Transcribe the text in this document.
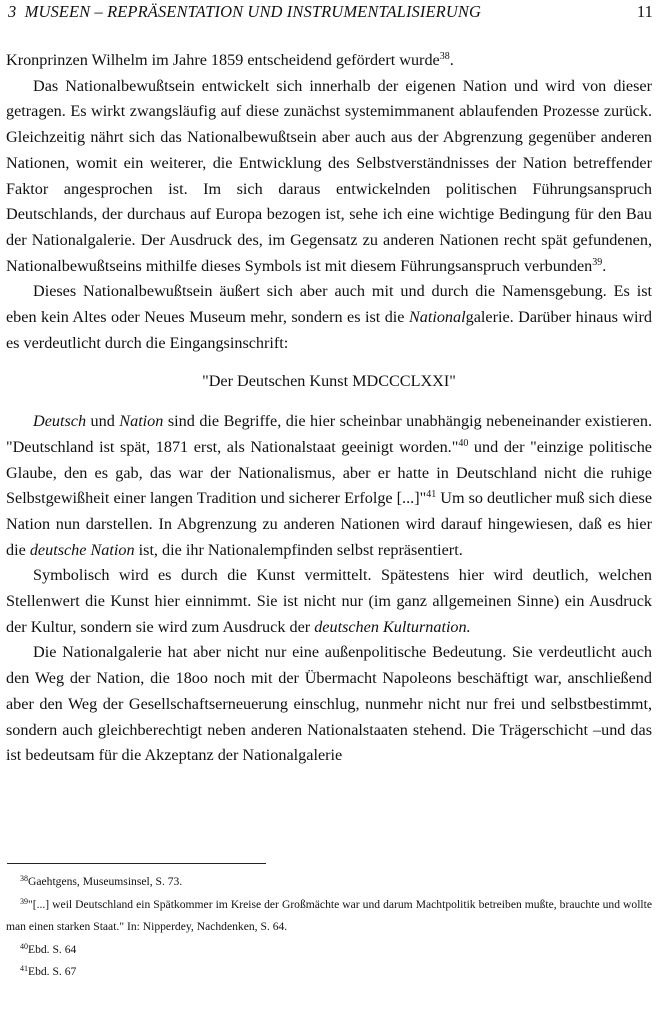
3 MUSEEN – REPRÄSENTATION UND INSTRUMENTALISIERUNG	11

Kronprinzen Wilhelm im Jahre 1859 entscheidend gefördert wurde$^{38}$.

Das Nationalbewußtsein entwickelt sich innerhalb der eigenen Nation und wird von dieser getragen. Es wirkt zwangsläufig auf diese zunächst systemimmanent ablaufenden Prozesse zurück. Gleichzeitig nährt sich das Nationalbewußtsein aber auch aus der Abgrenzung gegenüber anderen Nationen, womit ein weiterer, die Entwicklung des Selbstverständnisses der Nation betreffender Faktor angesprochen ist. Im sich daraus entwickelnden politischen Führungsanspruch Deutschlands, der durchaus auf Europa bezogen ist, sehe ich eine wichtige Bedingung für den Bau der Nationalgalerie. Der Ausdruck des, im Gegensatz zu anderen Nationen recht spät gefundenen, Nationalbewußtseins mithilfe dieses Symbols ist mit diesem Führungsanspruch verbunden$^{39}$.

Dieses Nationalbewußtsein äußert sich aber auch mit und durch die Namensgebung. Es ist eben kein Altes oder Neues Museum mehr, sondern es ist die Nationalgalerie. Darüber hinaus wird es verdeutlicht durch die Eingangsinschrift:

"Der Deutschen Kunst MDCCCLXXI"

Deutsch und Nation sind die Begriffe, die hier scheinbar unabhängig nebeneinander existieren. "Deutschland ist spät, 1871 erst, als Nationalstaat geeinigt worden."$^{40}$ und der "einzige politische Glaube, den es gab, das war der Nationalismus, aber er hatte in Deutschland nicht die ruhige Selbstgewißheit einer langen Tradition und sicherer Erfolge [...]"$^{41}$ Um so deutlicher muß sich diese Nation nun darstellen. In Abgrenzung zu anderen Nationen wird darauf hingewiesen, daß es hier die deutsche Nation ist, die ihr Nationalempfinden selbst repräsentiert.

Symbolisch wird es durch die Kunst vermittelt. Spätestens hier wird deutlich, welchen Stellenwert die Kunst hier einnimmt. Sie ist nicht nur (im ganz allgemeinen Sinne) ein Ausdruck der Kultur, sondern sie wird zum Ausdruck der deutschen Kulturnation.

Die Nationalgalerie hat aber nicht nur eine außenpolitische Bedeutung. Sie verdeutlicht auch den Weg der Nation, die 18oo noch mit der Übermacht Napoleons beschäftigt war, anschließend aber den Weg der Gesellschaftserneuerung einschlug, nunmehr nicht nur frei und selbstbestimmt, sondern auch gleichberechtigt neben anderen Nationalstaaten stehend. Die Trägerschicht –und das ist bedeutsam für die Akzeptanz der Nationalgalerie

$^{38}$Gaehtgens, Museumsinsel, S. 73.

$^{39}$"[...] weil Deutschland ein Spätkommer im Kreise der Großmächte war und darum Machtpolitik betreiben mußte, brauchte und wollte man einen starken Staat." In: Nipperdey, Nachdenken, S. 64.

$^{40}$Ebd. S. 64

$^{41}$Ebd. S. 67
